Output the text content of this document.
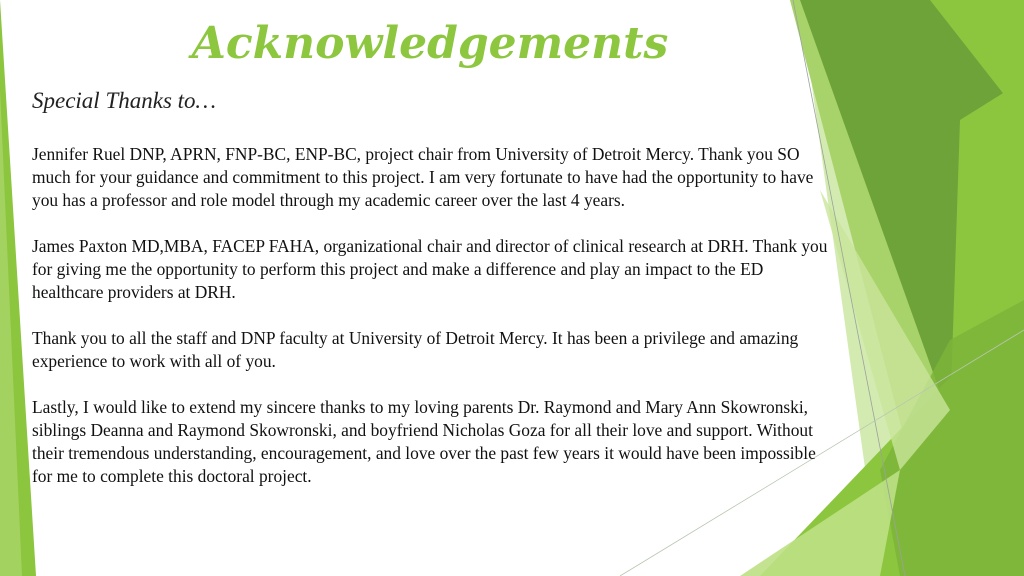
Acknowledgements

Special Thanks to…

Jennifer Ruel DNP, APRN, FNP-BC, ENP-BC, project chair from University of Detroit Mercy. Thank you SO much for your guidance and commitment to this project. I am very fortunate to have had the opportunity to have you has a professor and role model through my academic career over the last 4 years.

James Paxton MD,MBA, FACEP FAHA, organizational chair and director of clinical research at DRH. Thank you for giving me the opportunity to perform this project and make a difference and play an impact to the ED healthcare providers at DRH.

Thank you to all the staff and DNP faculty at University of Detroit Mercy. It has been a privilege and amazing experience to work with all of you.

Lastly, I would like to extend my sincere thanks to my loving parents Dr. Raymond and Mary Ann Skowronski, siblings Deanna and Raymond Skowronski, and boyfriend Nicholas Goza for all their love and support. Without their tremendous understanding, encouragement, and love over the past few years it would have been impossible for me to complete this doctoral project.
